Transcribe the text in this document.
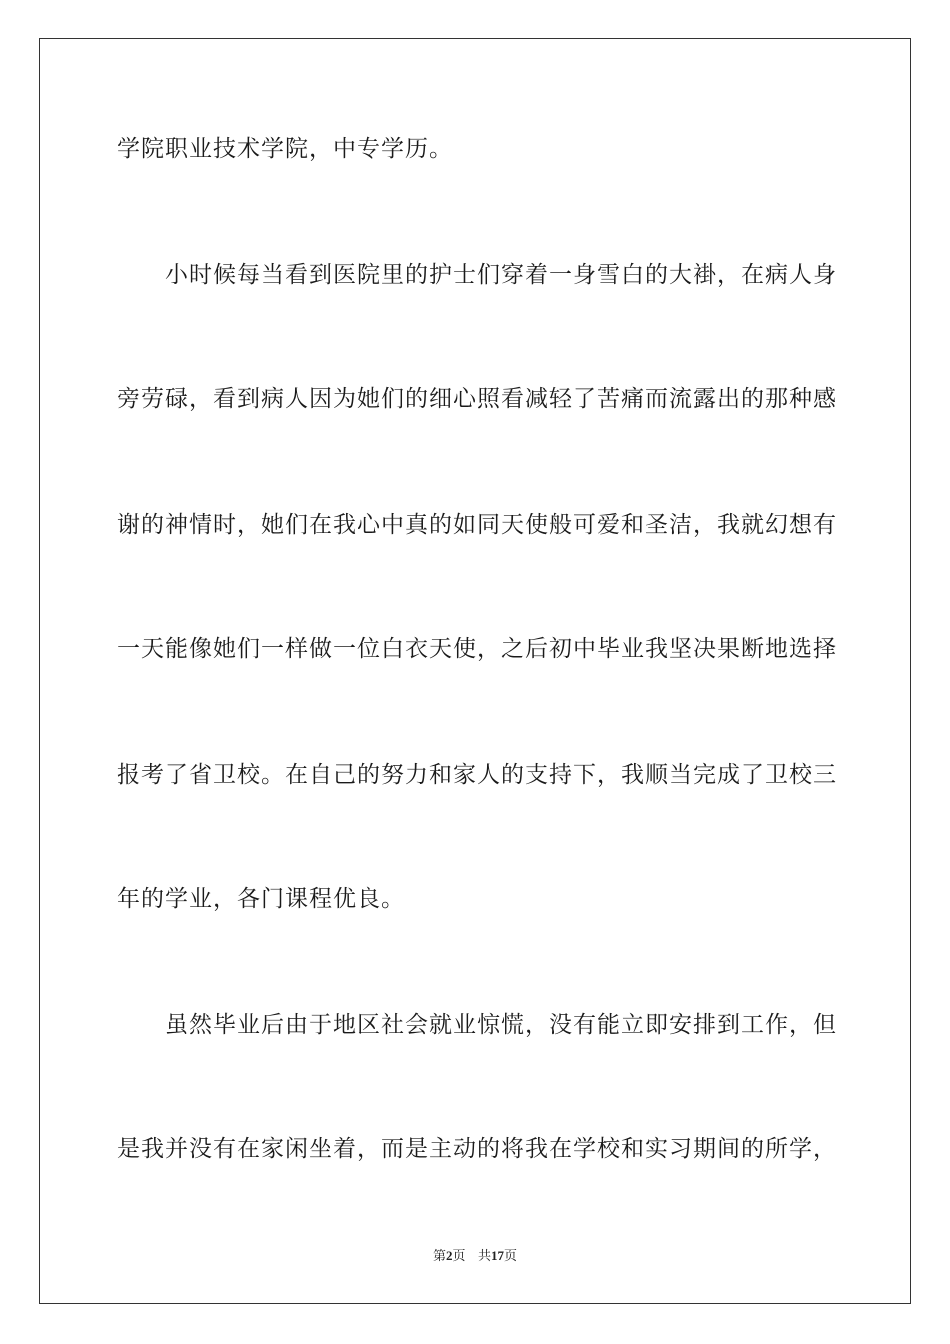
学院职业技术学院，中专学历。
　　小时候每当看到医院里的护士们穿着一身雪白的大褂，在病人身
旁劳碌，看到病人因为她们的细心照看减轻了苦痛而流露出的那种感
谢的神情时，她们在我心中真的如同天使般可爱和圣洁，我就幻想有
一天能像她们一样做一位白衣天使，之后初中毕业我坚决果断地选择
报考了省卫校。在自己的努力和家人的支持下，我顺当完成了卫校三
年的学业，各门课程优良。
　　虽然毕业后由于地区社会就业惊慌，没有能立即安排到工作，但
是我并没有在家闲坐着，而是主动的将我在学校和实习期间的所学，
第2页 共17页
